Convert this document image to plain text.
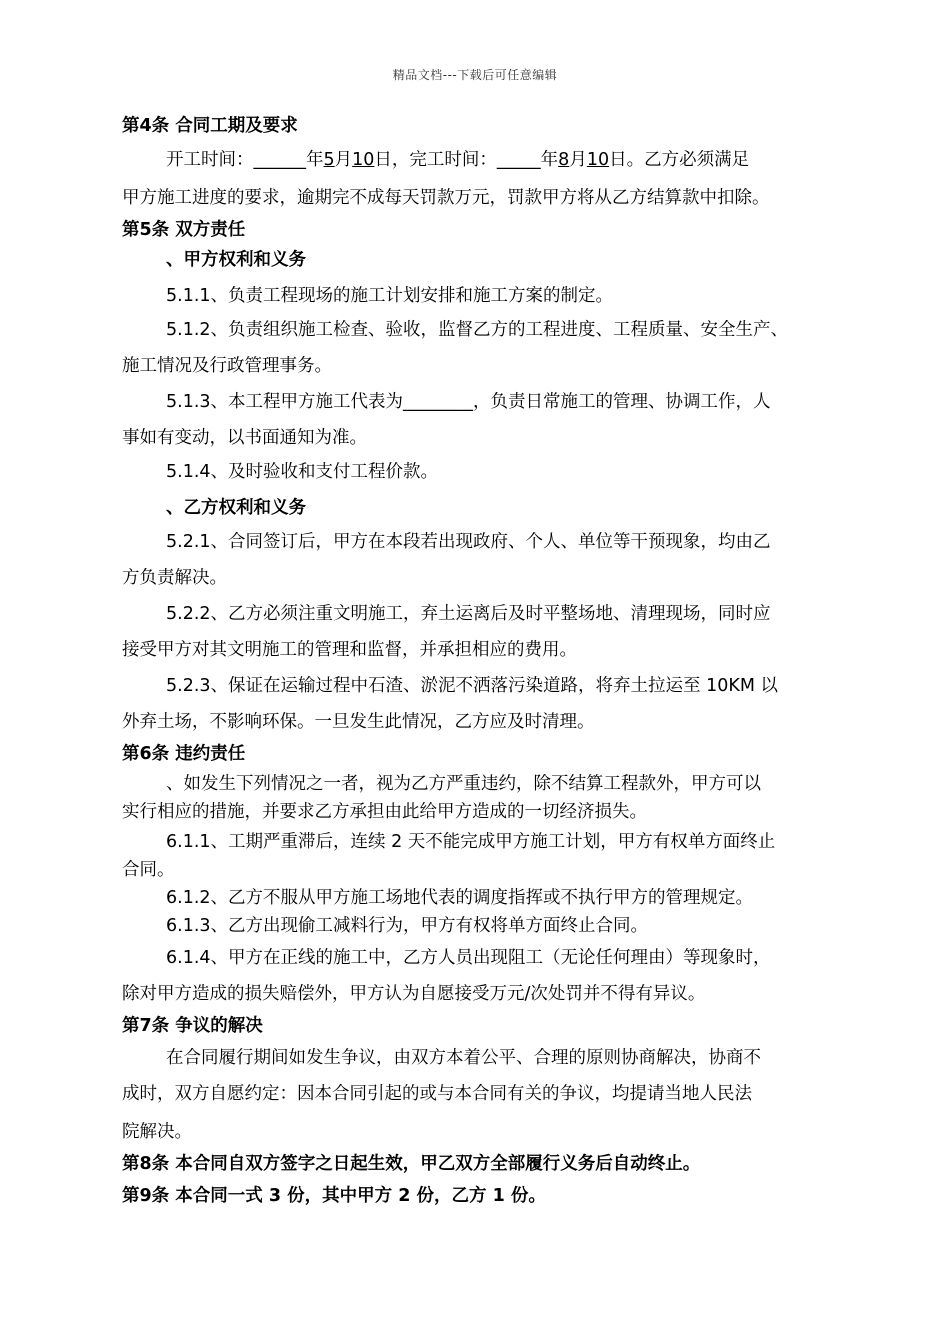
精品文档---下载后可任意编辑
第4条 合同工期及要求
开工时间：______年5月10日，完工时间：_____年8月10日。乙方必须满足
甲方施工进度的要求，逾期完不成每天罚款万元，罚款甲方将从乙方结算款中扣除。
第5条 双方责任
、甲方权利和义务
5.1.1、负责工程现场的施工计划安排和施工方案的制定。
5.1.2、负责组织施工检查、验收，监督乙方的工程进度、工程质量、安全生产、
施工情况及行政管理事务。
5.1.3、本工程甲方施工代表为________，负责日常施工的管理、协调工作，人
事如有变动，以书面通知为准。
5.1.4、及时验收和支付工程价款。
、乙方权利和义务
5.2.1、合同签订后，甲方在本段若出现政府、个人、单位等干预现象，均由乙
方负责解决。
5.2.2、乙方必须注重文明施工，弃土运离后及时平整场地、清理现场，同时应
接受甲方对其文明施工的管理和监督，并承担相应的费用。
5.2.3、保证在运输过程中石渣、淤泥不洒落污染道路，将弃土拉运至 10KM 以
外弃土场，不影响环保。一旦发生此情况，乙方应及时清理。
第6条 违约责任
、如发生下列情况之一者，视为乙方严重违约，除不结算工程款外，甲方可以
实行相应的措施，并要求乙方承担由此给甲方造成的一切经济损失。
6.1.1、工期严重滞后，连续 2 天不能完成甲方施工计划，甲方有权单方面终止
合同。
6.1.2、乙方不服从甲方施工场地代表的调度指挥或不执行甲方的管理规定。
6.1.3、乙方出现偷工减料行为，甲方有权将单方面终止合同。
6.1.4、甲方在正线的施工中，乙方人员出现阻工（无论任何理由）等现象时，
除对甲方造成的损失赔偿外，甲方认为自愿接受万元/次处罚并不得有异议。
第7条 争议的解决
在合同履行期间如发生争议，由双方本着公平、合理的原则协商解决，协商不
成时，双方自愿约定：因本合同引起的或与本合同有关的争议，均提请当地人民法
院解决。
第8条 本合同自双方签字之日起生效，甲乙双方全部履行义务后自动终止。
第9条 本合同一式 3 份，其中甲方 2 份，乙方 1 份。
